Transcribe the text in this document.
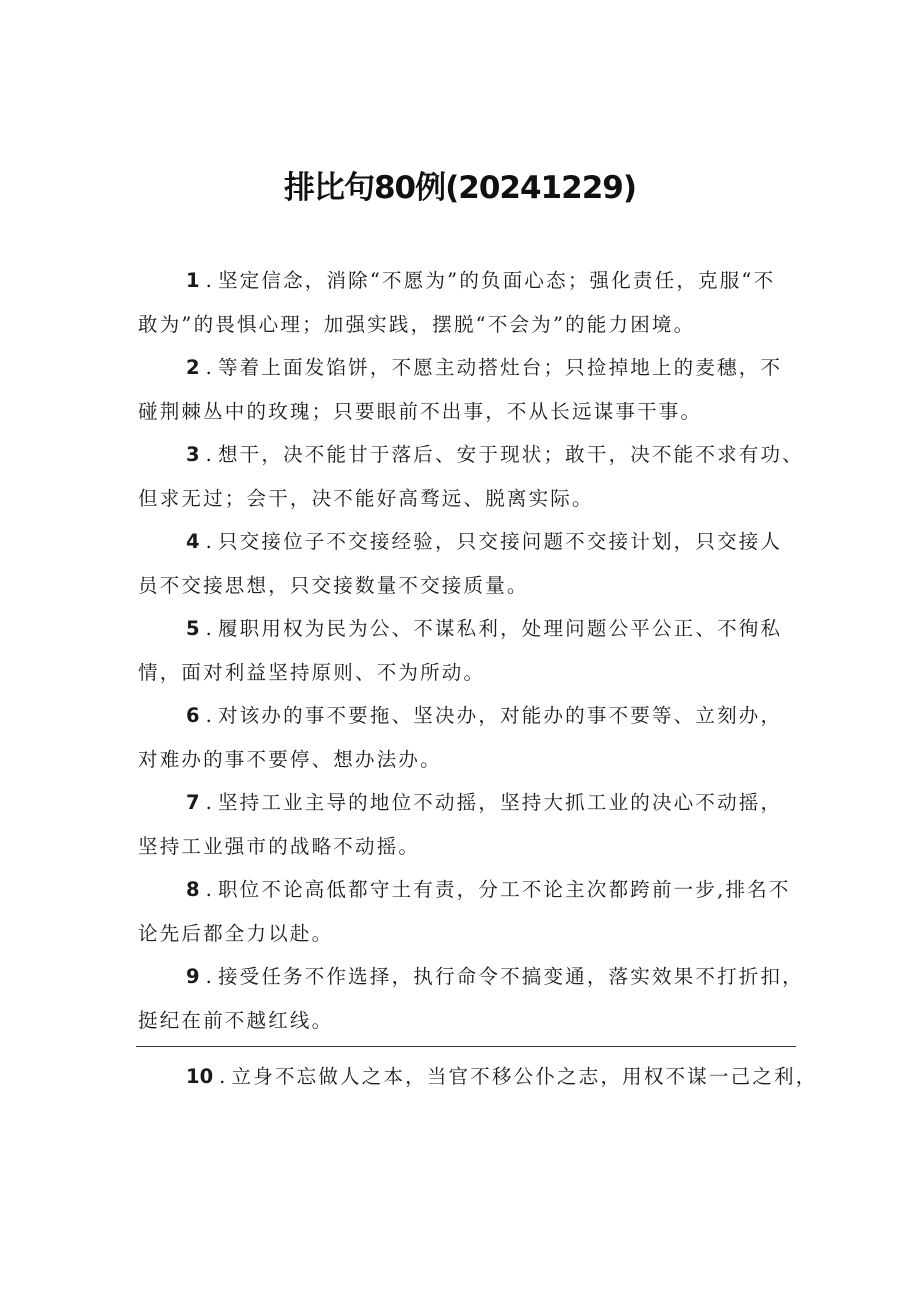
排比句80例(20241229)
1 . 坚定信念，消除“不愿为”的负面心态；强化责任，克服“不
敢为”的畏惧心理；加强实践，摆脱“不会为”的能力困境。
2 . 等着上面发馅饼，不愿主动搭灶台；只捡掉地上的麦穗，不
碰荆棘丛中的玫瑰；只要眼前不出事，不从长远谋事干事。
3 . 想干，决不能甘于落后、安于现状；敢干，决不能不求有功、
但求无过；会干，决不能好高骛远、脱离实际。
4 . 只交接位子不交接经验，只交接问题不交接计划，只交接人
员不交接思想，只交接数量不交接质量。
5 . 履职用权为民为公、不谋私利，处理问题公平公正、不徇私
情，面对利益坚持原则、不为所动。
6 . 对该办的事不要拖、坚决办，对能办的事不要等、立刻办，
对难办的事不要停、想办法办。
7 . 坚持工业主导的地位不动摇，坚持大抓工业的决心不动摇，
坚持工业强市的战略不动摇。
8 . 职位不论高低都守土有责，分工不论主次都跨前一步,排名不
论先后都全力以赴。
9 . 接受任务不作选择，执行命令不搞变通，落实效果不打折扣，
挺纪在前不越红线。
10 . 立身不忘做人之本，当官不移公仆之志，用权不谋一己之利，
